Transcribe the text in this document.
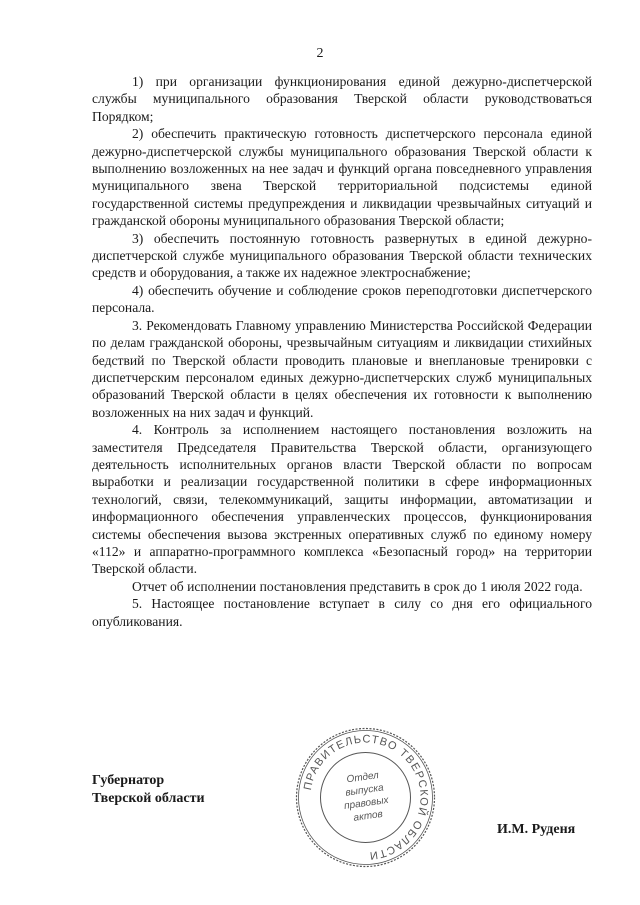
2

1) при организации функционирования единой дежурно-диспетчерской службы муниципального образования Тверской области руководствоваться Порядком;

2) обеспечить практическую готовность диспетчерского персонала единой дежурно-диспетчерской службы муниципального образования Тверской области к выполнению возложенных на нее задач и функций органа повседневного управления муниципального звена Тверской территориальной подсистемы единой государственной системы предупреждения и ликвидации чрезвычайных ситуаций и гражданской обороны муниципального образования Тверской области;

3) обеспечить постоянную готовность развернутых в единой дежурно-диспетчерской службе муниципального образования Тверской области технических средств и оборудования, а также их надежное электроснабжение;

4) обеспечить обучение и соблюдение сроков переподготовки диспетчерского персонала.

3. Рекомендовать Главному управлению Министерства Российской Федерации по делам гражданской обороны, чрезвычайным ситуациям и ликвидации стихийных бедствий по Тверской области проводить плановые и внеплановые тренировки с диспетчерским персоналом единых дежурно-диспетчерских служб муниципальных образований Тверской области в целях обеспечения их готовности к выполнению возложенных на них задач и функций.

4. Контроль за исполнением настоящего постановления возложить на заместителя Председателя Правительства Тверской области, организующего деятельность исполнительных органов власти Тверской области по вопросам выработки и реализации государственной политики в сфере информационных технологий, связи, телекоммуникаций, защиты информации, автоматизации и информационного обеспечения управленческих процессов, функционирования системы обеспечения вызова экстренных оперативных служб по единому номеру «112» и аппаратно-программного комплекса «Безопасный город» на территории Тверской области.

Отчет об исполнении постановления представить в срок до 1 июля 2022 года.

5. Настоящее постановление вступает в силу со дня его официального опубликования.

Губернатор
Тверской области
ПРАВИТЕЛЬСТВО ТВЕРСКОЙ ОБЛАСТИ
Отдел
выпуска
правовых
актов
И.М. Руденя
